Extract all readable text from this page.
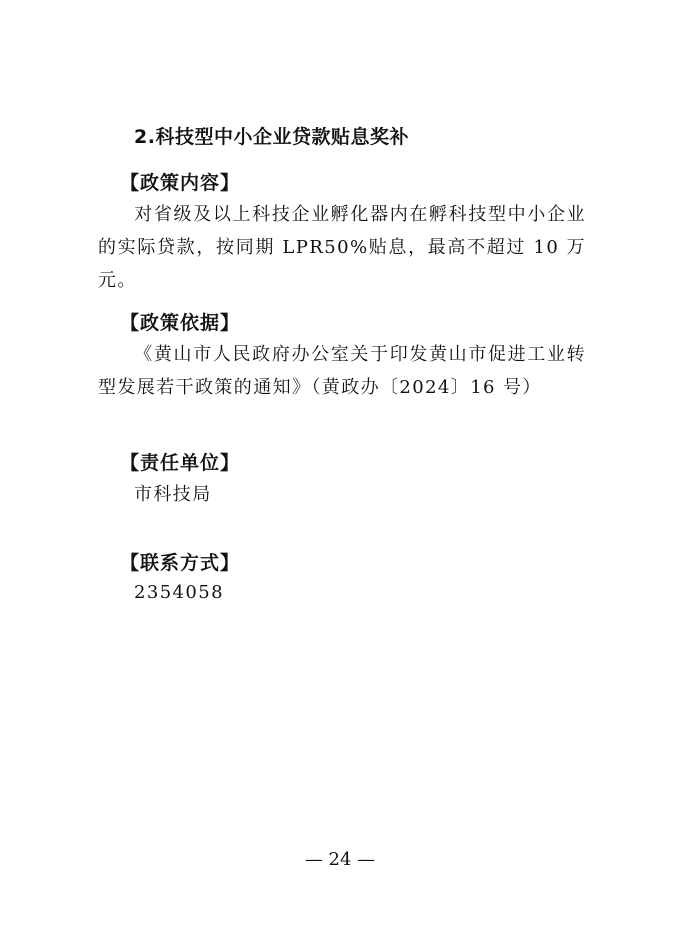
2.科技型中小企业贷款贴息奖补
【政策内容】
对省级及以上科技企业孵化器内在孵科技型中小企业的实际贷款，按同期 LPR50%贴息，最高不超过 10 万元。
【政策依据】
《黄山市人民政府办公室关于印发黄山市促进工业转型发展若干政策的通知》（黄政办〔2024〕16 号）
【责任单位】
市科技局
【联系方式】
2354058
— 24 —
